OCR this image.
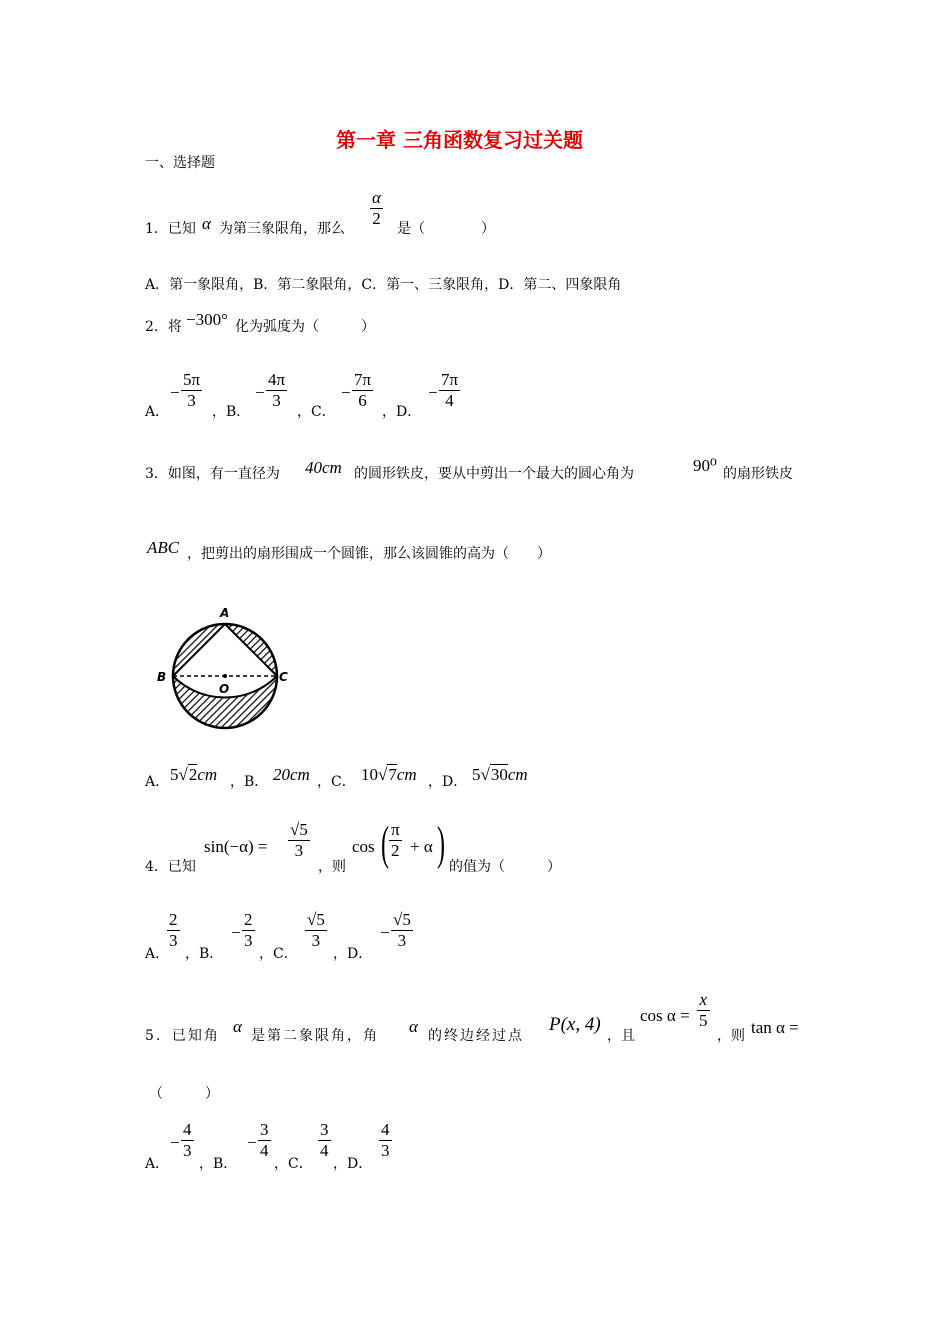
第一章 三角函数复习过关题
一、选择题
1．已知 α 为第三象限角，那么 $\frac{\alpha}{2}$ 是（　　　　）
A．第一象限角，B．第二象限角，C．第一、三象限角，D．第二、四象限角
2．将 −300° 化为弧度为（　　　）
A．
− $\frac{5\pi}{3}$
，B．
− $\frac{4\pi}{3}$
，C．
− $\frac{7\pi}{6}$
，D．
− $\frac{7\pi}{4}$
3．如图，有一直径为 40cm 的圆形铁皮，要从中剪出一个最大的圆心角为	90⁰ 的扇形铁皮
ABC ，把剪出的扇形围成一个圆锥，那么该圆锥的高为（　　）
A
B
O
C
A． 5√2cm ，B． 20cm ，C． 10√7cm ，D． 5√30cm
4．已知
$\sin(-\alpha) = \frac{√5}{3}$
，则
cos ( $\frac{\pi}{2} + \alpha$ ) 的值为（　　　）
A．
$\frac{2}{3}$
，B．
− $\frac{2}{3}$
，C．
$\frac{√5}{3}$
，D．
− $\frac{√5}{3}$
5．已知角 α 是第二象限角，角 α 的终边经过点
P(x, 4)
，且
$\cos \alpha = \frac{x}{5}$
，则 tan α =
（　　　）
A．
− $\frac{4}{3}$
，B．
− $\frac{3}{4}$
，C．
$\frac{3}{4}$
，D．
$\frac{4}{3}$
